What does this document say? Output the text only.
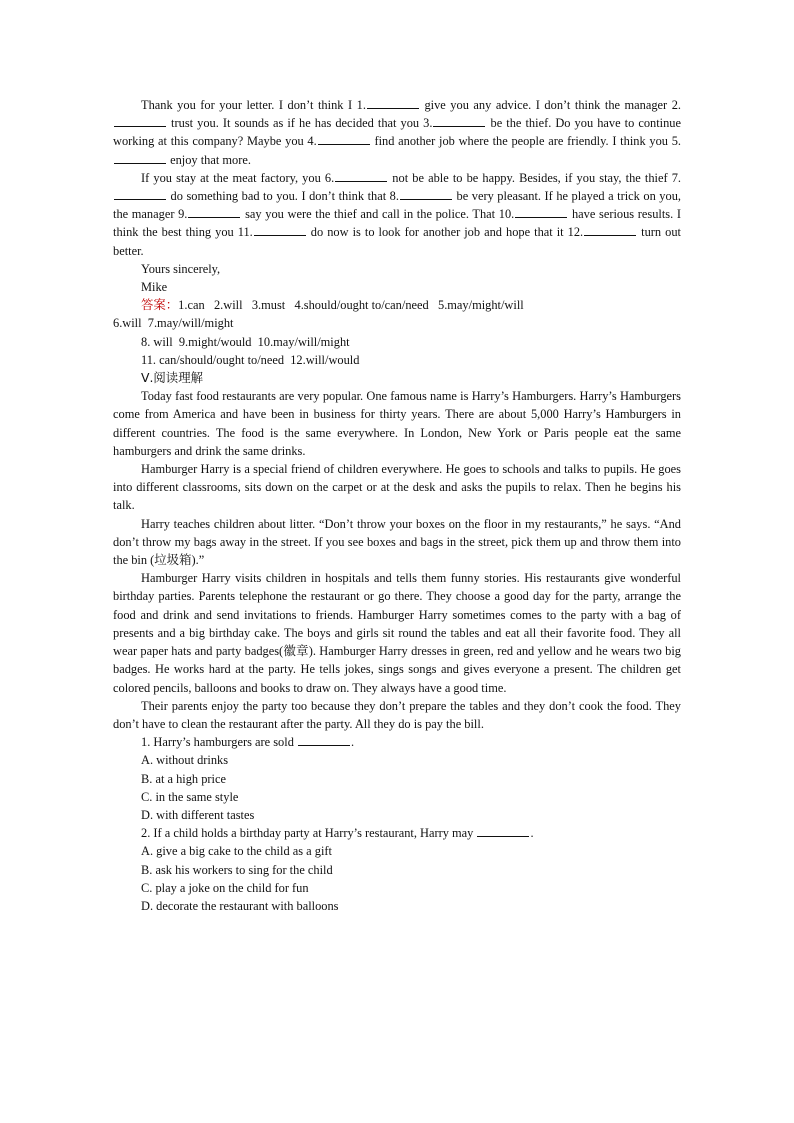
Thank you for your letter. I don’t think I 1.	give you any advice. I don’t think the manager 2. trust you. It sounds as if he has decided that you 3.	be the thief. Do you have to continue working at this company? Maybe you 4.	find another job where the people are friendly. I think you 5. enjoy that more.

If you stay at the meat factory, you 6.	not be able to be happy. Besides, if you stay, the thief 7. do something bad to you. I don’t think that 8.	be very pleasant. If he played a trick on you, the manager 9.	say you were the thief and call in the police. That 10.	have serious results. I think the best thing you 11.	do now is to look for another job and hope that it 12.	turn out better.

Yours sincerely,

Mike

答案：1.can   2.will   3.must   4.should/ought to/can/need   5.may/might/will

6.will  7.may/will/might

8. will  9.might/would  10.may/will/might

11. can/should/ought to/need  12.will/would

Ⅴ.阅读理解

Today fast food restaurants are very popular. One famous name is Harry’s Hamburgers. Harry’s Hamburgers come from America and have been in business for thirty years. There are about 5,000 Harry’s Hamburgers in different countries. The food is the same everywhere. In London, New York or Paris people eat the same hamburgers and drink the same drinks.

Hamburger Harry is a special friend of children everywhere. He goes to schools and talks to pupils. He goes into different classrooms, sits down on the carpet or at the desk and asks the pupils to relax. Then he begins his talk.

Harry teaches children about litter. “Don’t throw your boxes on the floor in my restaurants,” he says. “And don’t throw my bags away in the street. If you see boxes and bags in the street, pick them up and throw them into the bin (垃圾箱).”

Hamburger Harry visits children in hospitals and tells them funny stories. His restaurants give wonderful birthday parties. Parents telephone the restaurant or go there. They choose a good day for the party, arrange the food and drink and send invitations to friends. Hamburger Harry sometimes comes to the party with a bag of presents and a big birthday cake. The boys and girls sit round the tables and eat all their favorite food. They all wear paper hats and party badges(徽章). Hamburger Harry dresses in green, red and yellow and he wears two big badges. He works hard at the party. He tells jokes, sings songs and gives everyone a present. The children get colored pencils, balloons and books to draw on. They always have a good time.

Their parents enjoy the party too because they don’t prepare the tables and they don’t cook the food. They don’t have to clean the restaurant after the party. All they do is pay the bill.

1. Harry’s hamburgers are sold	.

A. without drinks

B. at a high price

C. in the same style

D. with different tastes

2. If a child holds a birthday party at Harry’s restaurant, Harry may	.

A. give a big cake to the child as a gift

B. ask his workers to sing for the child

C. play a joke on the child for fun

D. decorate the restaurant with balloons
